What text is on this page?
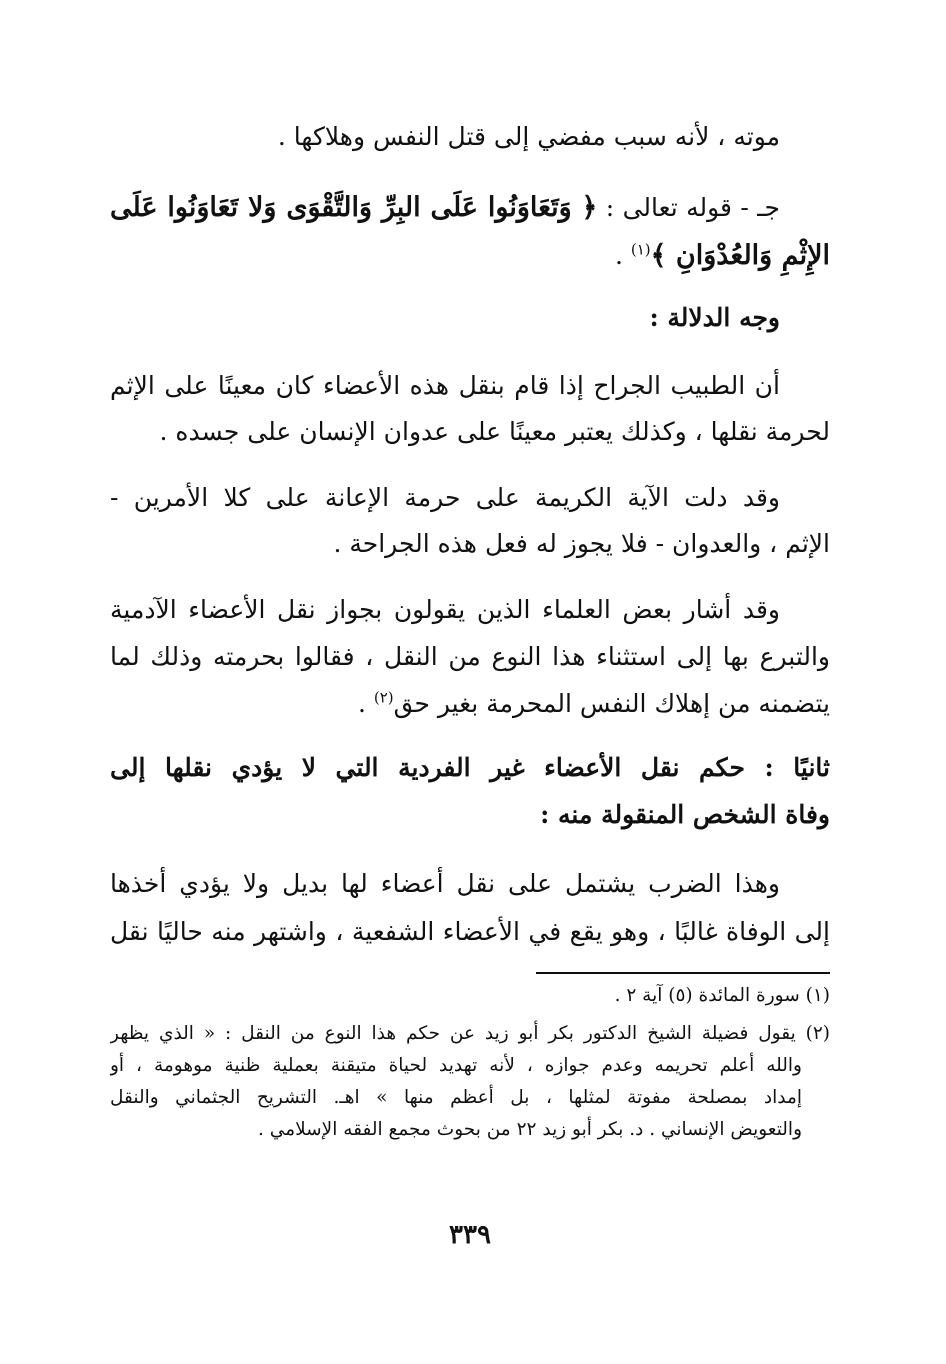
موته ، لأنه سبب مفضي إلى قتل النفس وهلاكها .
جـ - قوله تعالى : ﴿ وَتَعَاوَنُوا عَلَى البِرِّ وَالتَّقْوَى وَلا تَعَاوَنُوا عَلَى
الإِثْمِ وَالعُدْوَانِ ﴾$^{(١)}$ .
وجه الدلالة :
أن الطبيب الجراح إذا قام بنقل هذه الأعضاء كان معينًا على الإثم
لحرمة نقلها ، وكذلك يعتبر معينًا على عدوان الإنسان على جسده .
وقد دلت الآية الكريمة على حرمة الإعانة على كلا الأمرين -
الإثم ، والعدوان - فلا يجوز له فعل هذه الجراحة .
وقد أشار بعض العلماء الذين يقولون بجواز نقل الأعضاء الآدمية
والتبرع بها إلى استثناء هذا النوع من النقل ، فقالوا بحرمته وذلك لما
يتضمنه من إهلاك النفس المحرمة بغير حق$^{(٢)}$ .
ثانيًا : حكم نقل الأعضاء غير الفردية التي لا يؤدي نقلها إلى
وفاة الشخص المنقولة منه :
وهذا الضرب يشتمل على نقل أعضاء لها بديل ولا يؤدي أخذها
إلى الوفاة غالبًا ، وهو يقع في الأعضاء الشفعية ، واشتهر منه حاليًا نقل
(١) سورة المائدة (٥) آية ٢ .
(٢) يقول فضيلة الشيخ الدكتور بكر أبو زيد عن حكم هذا النوع من النقل : « الذي يظهر
والله أعلم تحريمه وعدم جوازه ، لأنه تهديد لحياة متيقنة بعملية ظنية موهومة ، أو
إمداد بمصلحة مفوتة لمثلها ، بل أعظم منها » اهـ. التشريح الجثماني والنقل
والتعويض الإنساني . د. بكر أبو زيد ٢٢ من بحوث مجمع الفقه الإسلامي .
٣٣٩
